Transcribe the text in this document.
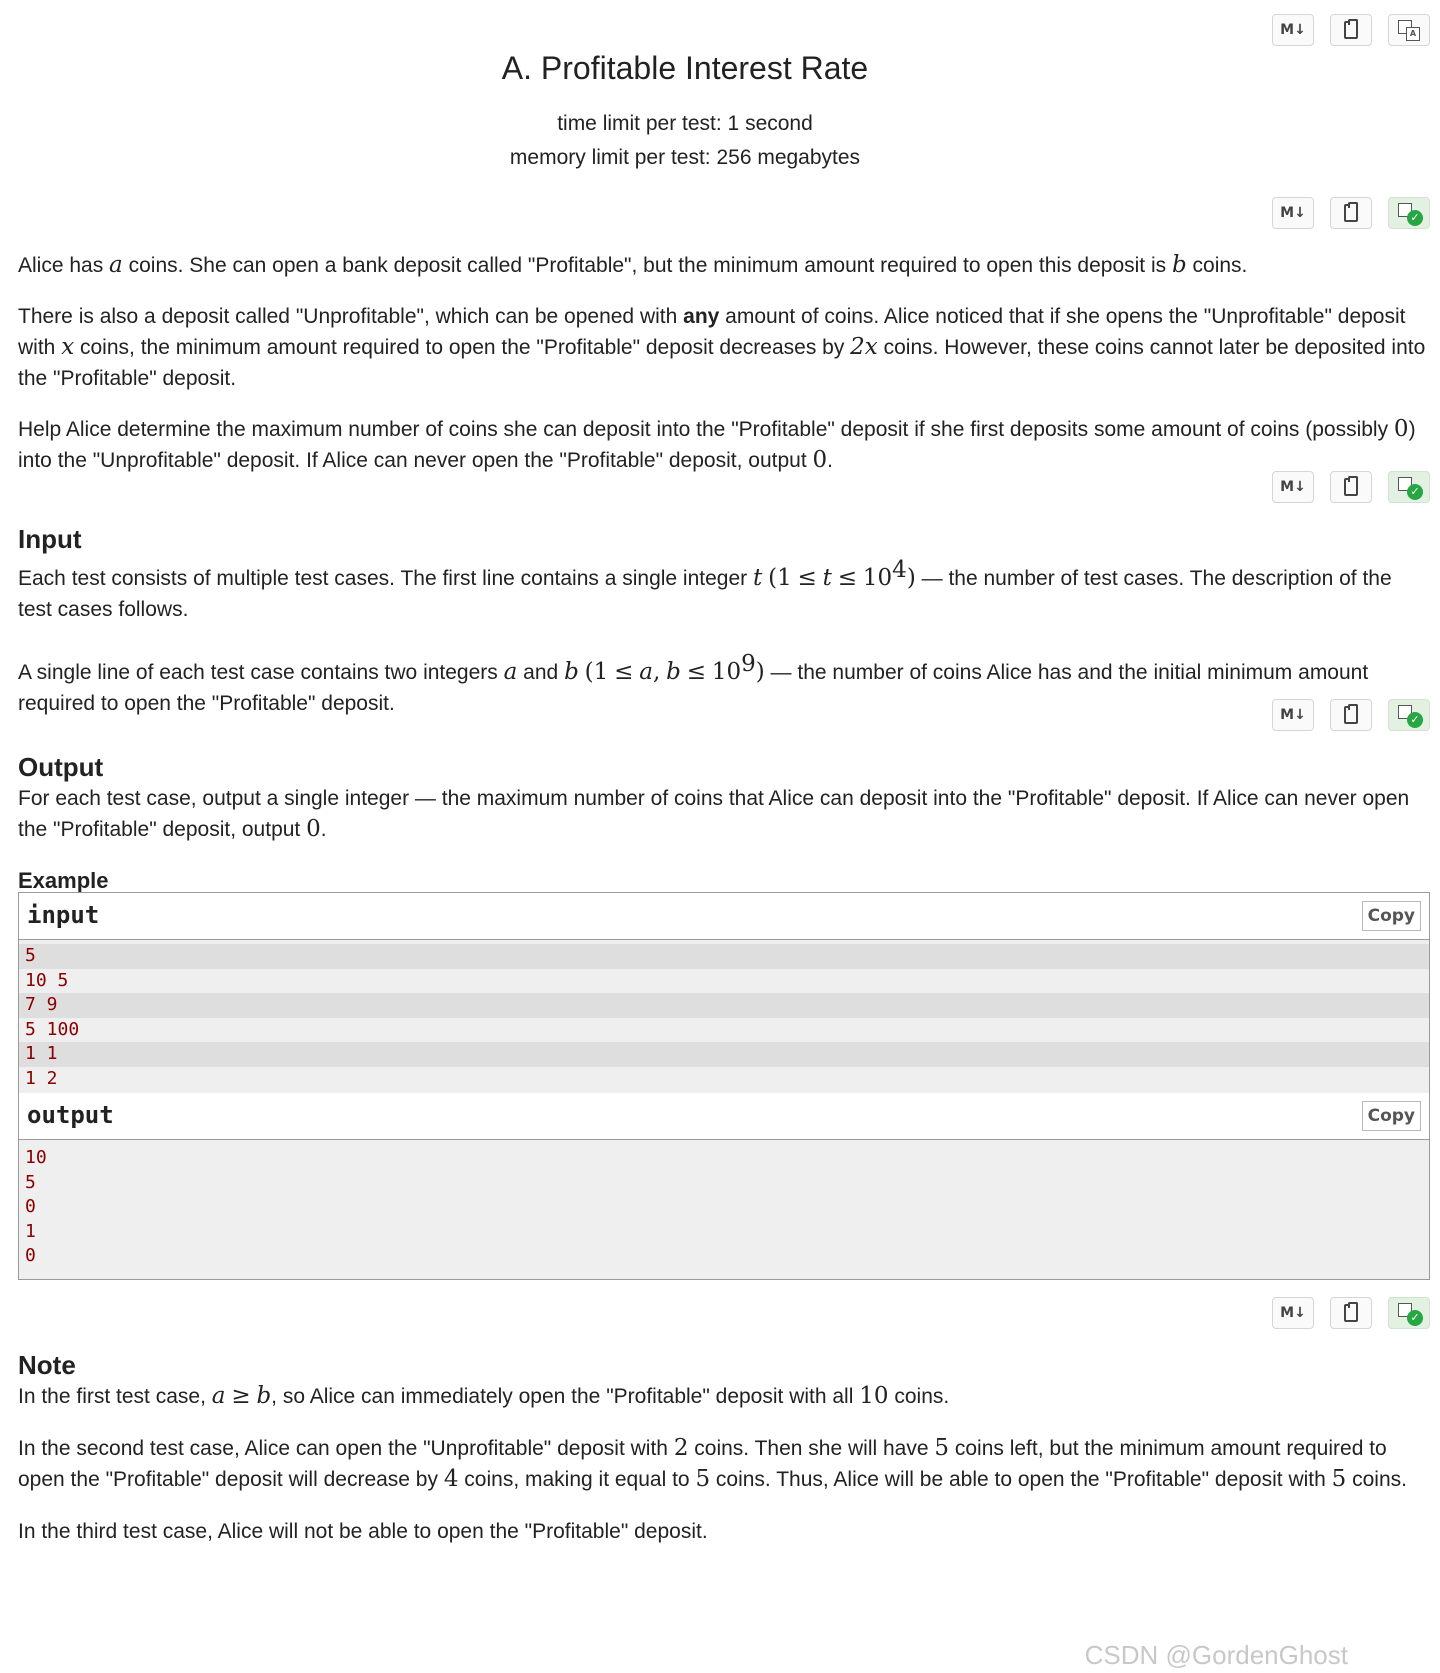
M↓	A
A. Profitable Interest Rate
time limit per test: 1 second
memory limit per test: 256 megabytes
M↓	✓

Alice has a coins. She can open a bank deposit called "Profitable", but the minimum amount required to open this deposit is b coins.

There is also a deposit called "Unprofitable", which can be opened with any amount of coins. Alice noticed that if she opens the "Unprofitable" deposit with x coins, the minimum amount required to open the "Profitable" deposit decreases by 2x coins. However, these coins cannot later be deposited into the "Profitable" deposit.

Help Alice determine the maximum number of coins she can deposit into the "Profitable" deposit if she first deposits some amount of coins (possibly 0) into the "Unprofitable" deposit. If Alice can never open the "Profitable" deposit, output 0.

M↓	✓
Input

Each test consists of multiple test cases. The first line contains a single integer t $(1 \le t \le 10^4)$ — the number of test cases. The description of the test cases follows.

A single line of each test case contains two integers a and b (1 ≤ a, $b \le 10^9$) — the number of coins Alice has and the initial minimum amount required to open the "Profitable" deposit.	M↓	✓
Output

For each test case, output a single integer — the maximum number of coins that Alice can deposit into the "Profitable" deposit. If Alice can never open the "Profitable" deposit, output 0.

Example
input	Copy
5
10 5
7 9
5 100
1 1
1 2
output	Copy
10
5
0
1
0
M↓	✓
Note

In the first test case, a ≥ b, so Alice can immediately open the "Profitable" deposit with all 10 coins.

In the second test case, Alice can open the "Unprofitable" deposit with 2 coins. Then she will have 5 coins left, but the minimum amount required to open the "Profitable" deposit will decrease by 4 coins, making it equal to 5 coins. Thus, Alice will be able to open the "Profitable" deposit with 5 coins.

In the third test case, Alice will not be able to open the "Profitable" deposit.

CSDN @GordenGhost
